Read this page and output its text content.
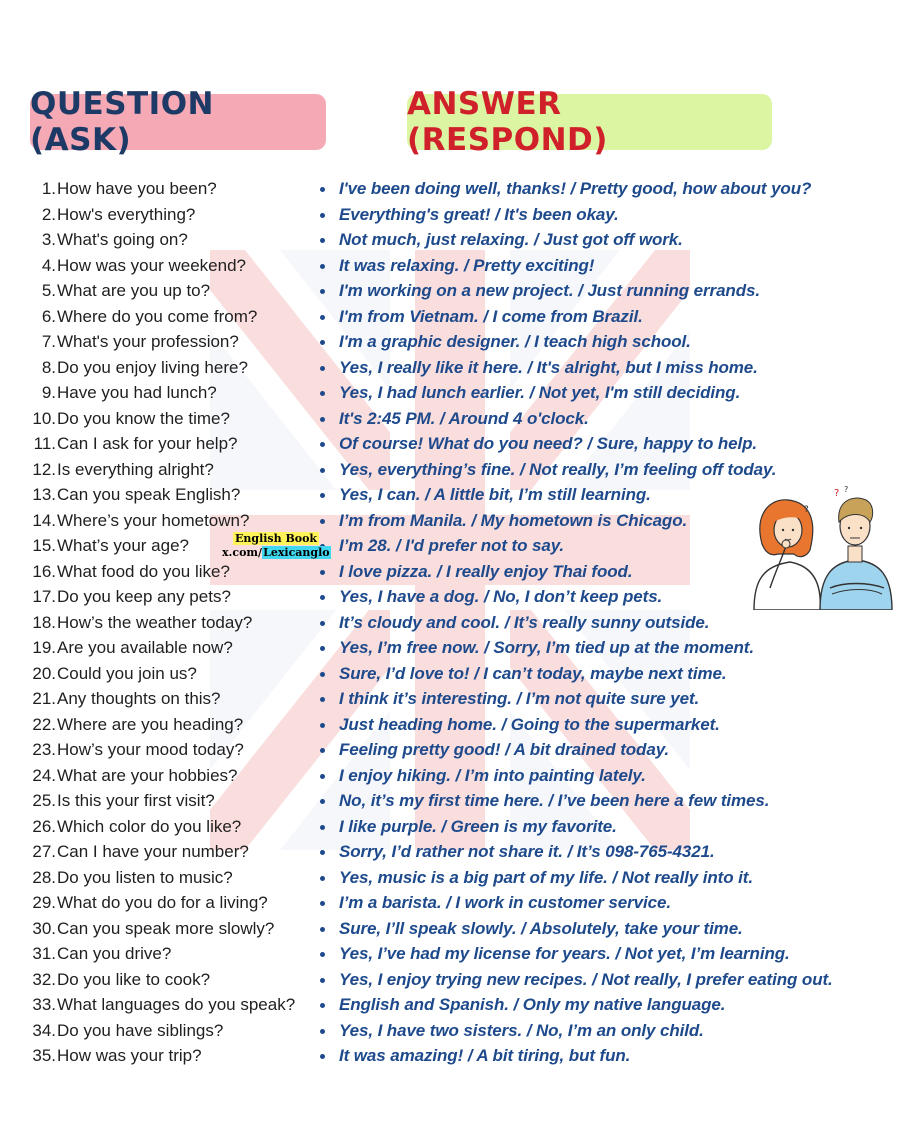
QUESTION (ASK)
ANSWER (RESPOND)
1. How have you been?	I've been doing well, thanks! / Pretty good, how about you?
2. How's everything?	Everything's great! / It's been okay.
3. What's going on?	Not much, just relaxing. / Just got off work.
4. How was your weekend?	It was relaxing. / Pretty exciting!
5. What are you up to?	I'm working on a new project. / Just running errands.
6. Where do you come from?	I'm from Vietnam. / I come from Brazil.
7. What's your profession?	I'm a graphic designer. / I teach high school.
8. Do you enjoy living here?	Yes, I really like it here. / It's alright, but I miss home.
9. Have you had lunch?	Yes, I had lunch earlier. / Not yet, I'm still deciding.
10. Do you know the time?	It's 2:45 PM. / Around 4 o'clock.
11. Can I ask for your help?	Of course! What do you need? / Sure, happy to help.
12. Is everything alright?	Yes, everything’s fine. / Not really, I’m feeling off today.
13. Can you speak English?	Yes, I can. / A little bit, I’m still learning.
14. Where’s your hometown?	I’m from Manila. / My hometown is Chicago.
15. What’s your age?	I’m 28. / I'd prefer not to say.
16. What food do you like?	I love pizza. / I really enjoy Thai food.
17. Do you keep any pets?	Yes, I have a dog. / No, I don’t keep pets.
18. How’s the weather today?	It’s cloudy and cool. / It’s really sunny outside.
19. Are you available now?	Yes, I’m free now. / Sorry, I’m tied up at the moment.
20. Could you join us?	Sure, I’d love to! / I can’t today, maybe next time.
21. Any thoughts on this?	I think it’s interesting. / I’m not quite sure yet.
22. Where are you heading?	Just heading home. / Going to the supermarket.
23. How’s your mood today?	Feeling pretty good! / A bit drained today.
24. What are your hobbies?	I enjoy hiking. / I’m into painting lately.
25. Is this your first visit?	No, it’s my first time here. / I’ve been here a few times.
26. Which color do you like?	I like purple. / Green is my favorite.
27. Can I have your number?	Sorry, I’d rather not share it. / It’s 098-765-4321.
28. Do you listen to music?	Yes, music is a big part of my life. / Not really into it.
29. What do you do for a living?	I’m a barista. / I work in customer service.
30. Can you speak more slowly?	Sure, I’ll speak slowly. / Absolutely, take your time.
31. Can you drive?	Yes, I’ve had my license for years. / Not yet, I’m learning.
32. Do you like to cook?	Yes, I enjoy trying new recipes. / Not really, I prefer eating out.
33. What languages do you speak?	English and Spanish. / Only my native language.
34. Do you have siblings?	Yes, I have two sisters. / No, I’m an only child.
35. How was your trip?	It was amazing! / A bit tiring, but fun.
English Book
x.com/Lexicanglo
?
? ?
